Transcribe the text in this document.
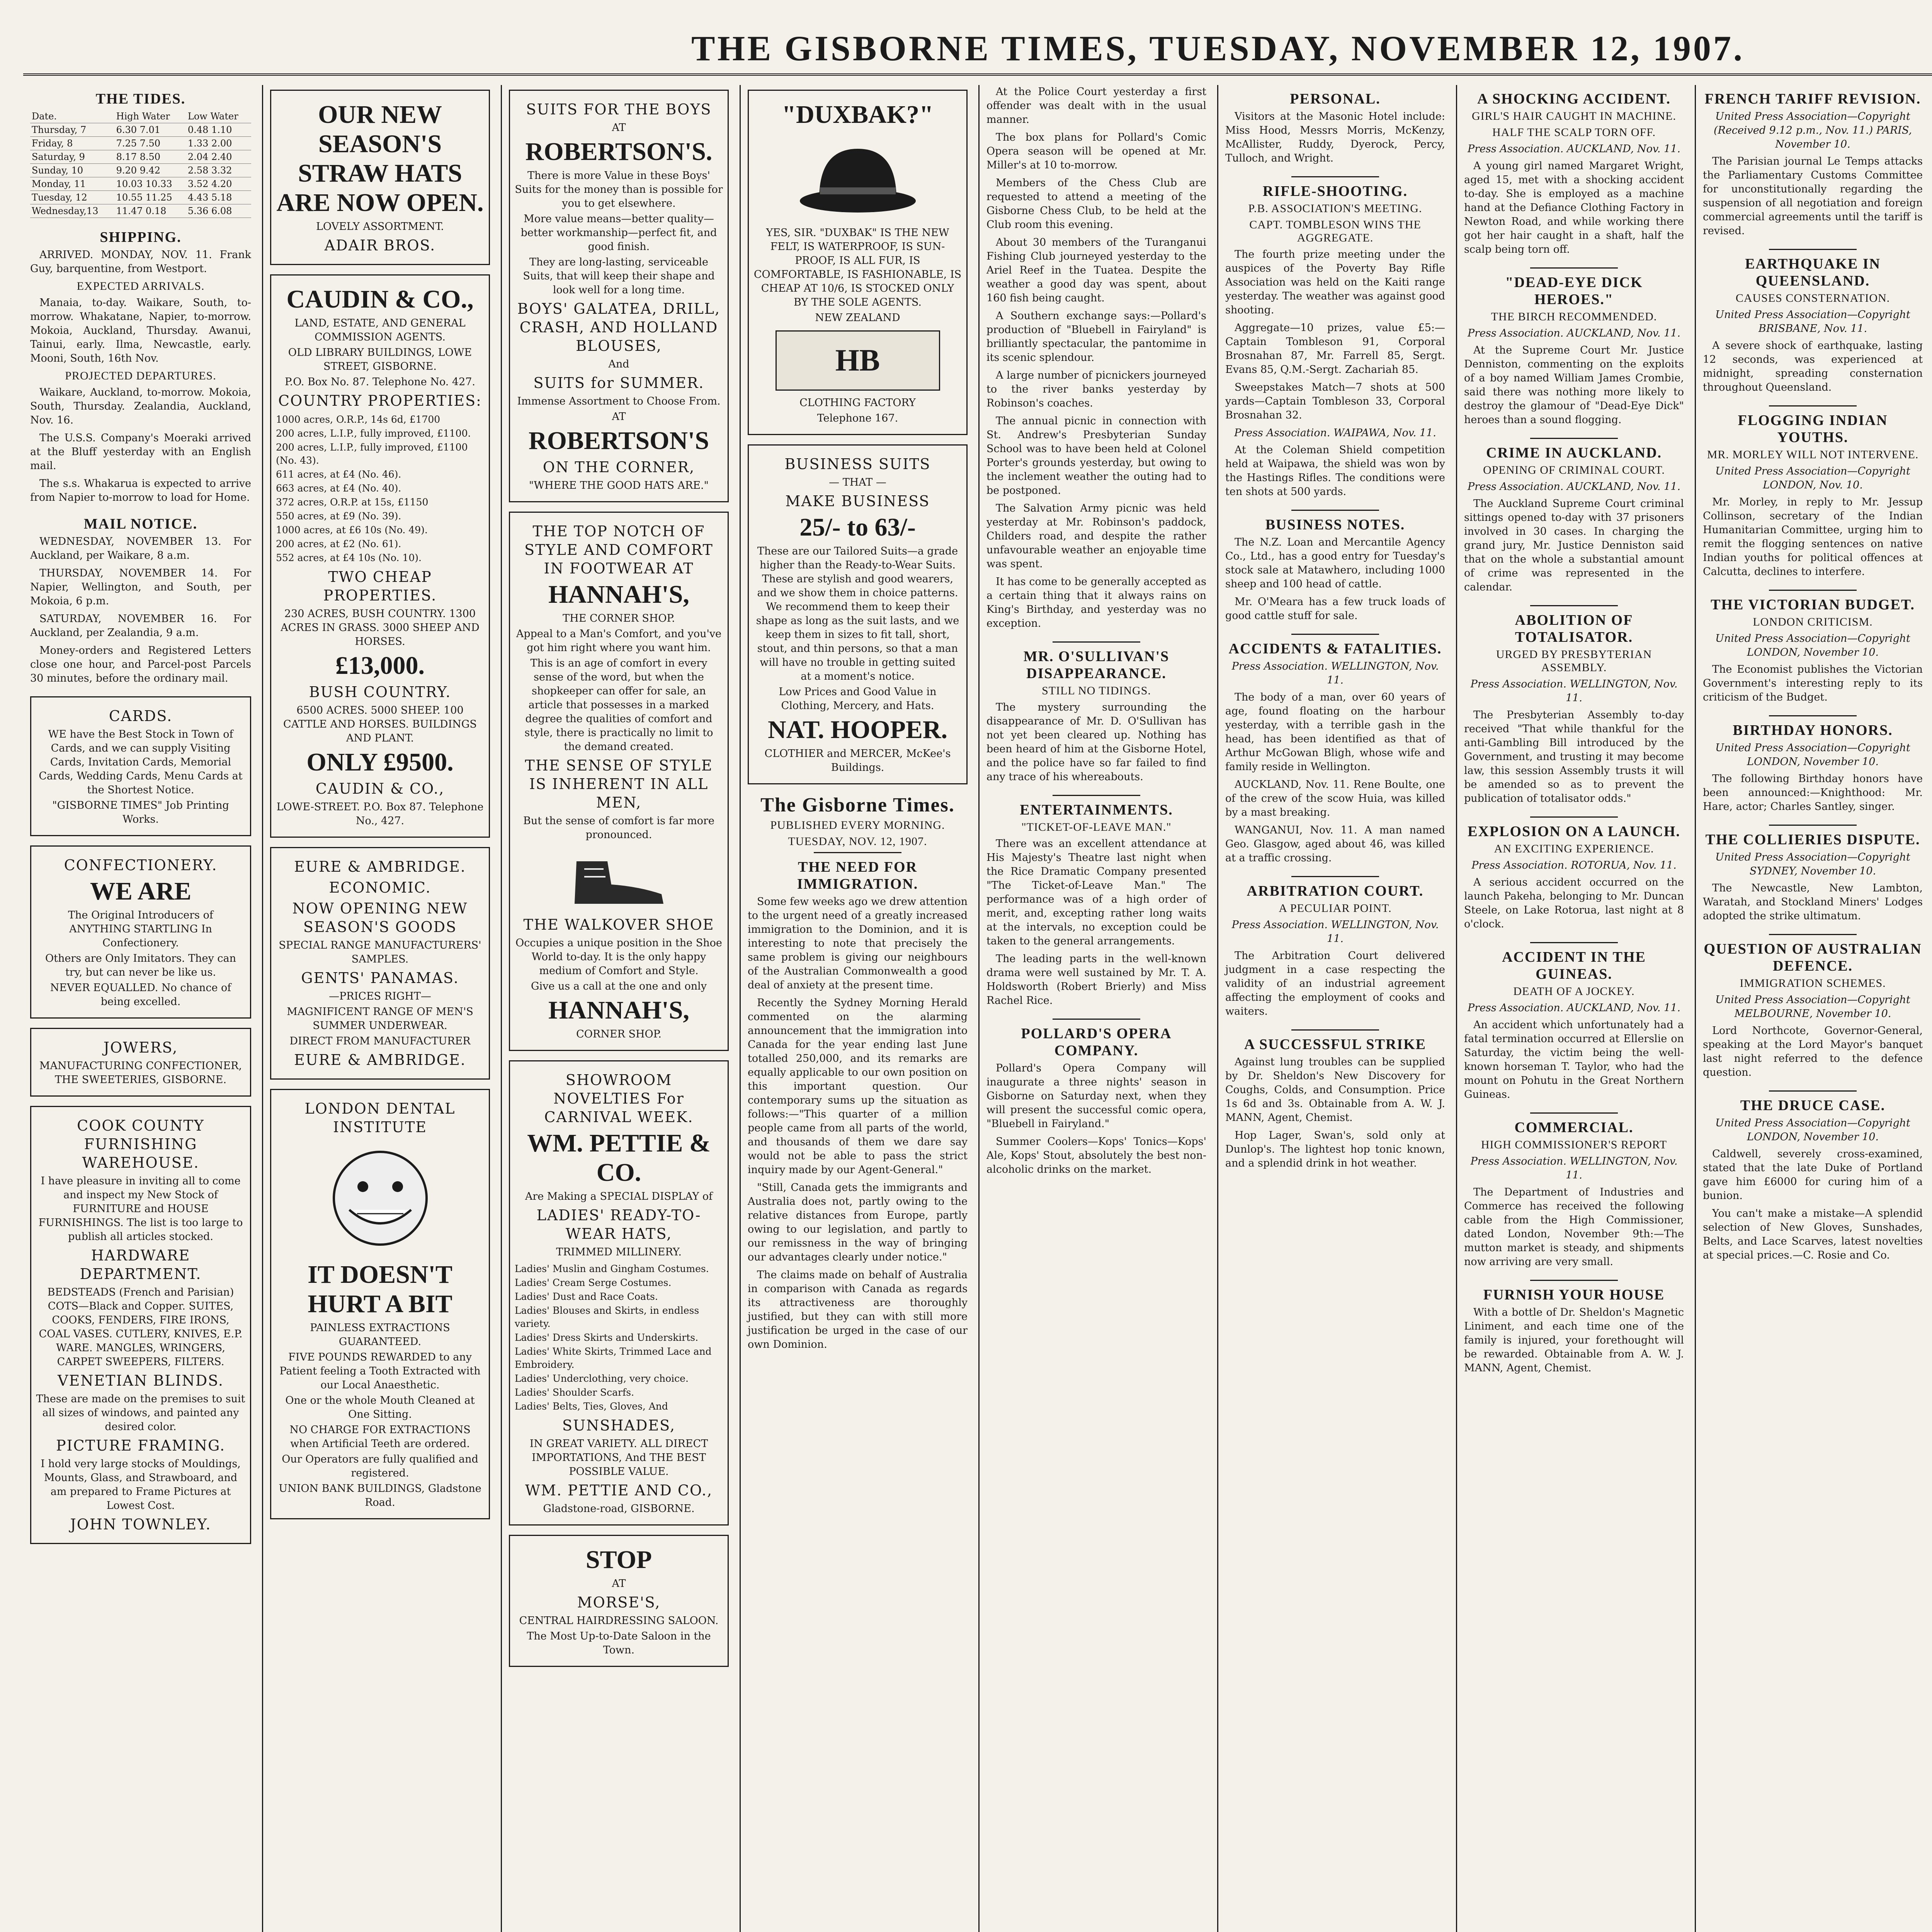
THE GISBORNE TIMES, TUESDAY, NOVEMBER 12, 1907.
THE TIDES.
Date.	High Water	Low Water
Thursday, 7	6.30 7.01	0.48 1.10
Friday, 8	7.25 7.50	1.33 2.00
Saturday, 9	8.17 8.50	2.04 2.40
Sunday, 10	9.20 9.42	2.58 3.32
Monday, 11	10.03 10.33	3.52 4.20
Tuesday, 12	10.55 11.25	4.43 5.18
Wednesday,13	11.47 0.18	5.36 6.08
SHIPPING.

ARRIVED. MONDAY, NOV. 11. Frank Guy, barquentine, from Westport.

EXPECTED ARRIVALS.

Manaia, to-day. Waikare, South, to-morrow. Whakatane, Napier, to-morrow. Mokoia, Auckland, Thursday. Awanui, Tainui, early. Ilma, Newcastle, early. Mooni, South, 16th Nov.

PROJECTED DEPARTURES.

Waikare, Auckland, to-morrow. Mokoia, South, Thursday. Zealandia, Auckland, Nov. 16.

The U.S.S. Company's Moeraki arrived at the Bluff yesterday with an English mail.

The s.s. Whakarua is expected to arrive from Napier to-morrow to load for Home.

MAIL NOTICE.

WEDNESDAY, NOVEMBER 13. For Auckland, per Waikare, 8 a.m.

THURSDAY, NOVEMBER 14. For Napier, Wellington, and South, per Mokoia, 6 p.m.

SATURDAY, NOVEMBER 16. For Auckland, per Zealandia, 9 a.m.

Money-orders and Registered Letters close one hour, and Parcel-post Parcels 30 minutes, before the ordinary mail.

CARDS.
WE have the Best Stock in Town of Cards, and we can supply Visiting Cards, Invitation Cards, Memorial Cards, Wedding Cards, Menu Cards at the Shortest Notice.
"GISBORNE TIMES" Job Printing Works.
CONFECTIONERY.
WE ARE
The Original Introducers of ANYTHING STARTLING In Confectionery.
Others are Only Imitators. They can try, but can never be like us.
NEVER EQUALLED. No chance of being excelled.
JOWERS,
MANUFACTURING CONFECTIONER, THE SWEETERIES, GISBORNE.
COOK COUNTY FURNISHING WAREHOUSE.
I have pleasure in inviting all to come and inspect my New Stock of FURNITURE and HOUSE FURNISHINGS. The list is too large to publish all articles stocked.
HARDWARE DEPARTMENT.
BEDSTEADS (French and Parisian) COTS—Black and Copper. SUITES, COOKS, FENDERS, FIRE IRONS, COAL VASES. CUTLERY, KNIVES, E.P. WARE. MANGLES, WRINGERS, CARPET SWEEPERS, FILTERS.
VENETIAN BLINDS.
These are made on the premises to suit all sizes of windows, and painted any desired color.
PICTURE FRAMING.
I hold very large stocks of Mouldings, Mounts, Glass, and Strawboard, and am prepared to Frame Pictures at Lowest Cost.
JOHN TOWNLEY.
OUR NEW SEASON'S STRAW HATS ARE NOW OPEN.
LOVELY ASSORTMENT.
ADAIR BROS.
CAUDIN & CO.,
LAND, ESTATE, AND GENERAL COMMISSION AGENTS.
OLD LIBRARY BUILDINGS, LOWE STREET, GISBORNE.
P.O. Box No. 87. Telephone No. 427.
COUNTRY PROPERTIES:
1000 acres, O.R.P., 14s 6d, £1700
200 acres, L.I.P., fully improved, £1100.
200 acres, L.I.P., fully improved, £1100 (No. 43).
611 acres, at £4 (No. 46).
663 acres, at £4 (No. 40).
372 acres, O.R.P. at 15s, £1150
550 acres, at £9 (No. 39).
1000 acres, at £6 10s (No. 49).
200 acres, at £2 (No. 61).
552 acres, at £4 10s (No. 10).
TWO CHEAP PROPERTIES.
230 ACRES, BUSH COUNTRY. 1300 ACRES IN GRASS. 3000 SHEEP AND HORSES.
£13,000.
BUSH COUNTRY.
6500 ACRES. 5000 SHEEP. 100 CATTLE AND HORSES. BUILDINGS AND PLANT.
ONLY £9500.
CAUDIN & CO.,
LOWE-STREET. P.O. Box 87. Telephone No., 427.
EURE & AMBRIDGE.
ECONOMIC.
NOW OPENING NEW SEASON'S GOODS
SPECIAL RANGE MANUFACTURERS' SAMPLES.
GENTS' PANAMAS.
—PRICES RIGHT—
MAGNIFICENT RANGE OF MEN'S SUMMER UNDERWEAR.
DIRECT FROM MANUFACTURER
EURE & AMBRIDGE.
LONDON DENTAL INSTITUTE
IT DOESN'T HURT A BIT
PAINLESS EXTRACTIONS GUARANTEED.
FIVE POUNDS REWARDED to any Patient feeling a Tooth Extracted with our Local Anaesthetic.
One or the whole Mouth Cleaned at One Sitting.
NO CHARGE FOR EXTRACTIONS when Artificial Teeth are ordered.
Our Operators are fully qualified and registered.
UNION BANK BUILDINGS, Gladstone Road.
SUITS FOR THE BOYS
AT
ROBERTSON'S.
There is more Value in these Boys' Suits for the money than is possible for you to get elsewhere.
More value means—better quality—better workmanship—perfect fit, and good finish.
They are long-lasting, serviceable Suits, that will keep their shape and look well for a long time.
BOYS' GALATEA, DRILL, CRASH, AND HOLLAND BLOUSES,
And
SUITS for SUMMER.
Immense Assortment to Choose From.
AT
ROBERTSON'S
ON THE CORNER,
"WHERE THE GOOD HATS ARE."
THE TOP NOTCH OF STYLE AND COMFORT IN FOOTWEAR AT
HANNAH'S,
THE CORNER SHOP.
Appeal to a Man's Comfort, and you've got him right where you want him.
This is an age of comfort in every sense of the word, but when the shopkeeper can offer for sale, an article that possesses in a marked degree the qualities of comfort and style, there is practically no limit to the demand created.
THE SENSE OF STYLE IS INHERENT IN ALL MEN,
But the sense of comfort is far more pronounced.
THE WALKOVER SHOE
Occupies a unique position in the Shoe World to-day. It is the only happy medium of Comfort and Style.
Give us a call at the one and only
HANNAH'S,
CORNER SHOP.
SHOWROOM NOVELTIES For CARNIVAL WEEK.
WM. PETTIE & CO.
Are Making a SPECIAL DISPLAY of
LADIES' READY-TO-WEAR HATS,
TRIMMED MILLINERY.
Ladies' Muslin and Gingham Costumes.
Ladies' Cream Serge Costumes.
Ladies' Dust and Race Coats.
Ladies' Blouses and Skirts, in endless variety.
Ladies' Dress Skirts and Underskirts.
Ladies' White Skirts, Trimmed Lace and Embroidery.
Ladies' Underclothing, very choice.
Ladies' Shoulder Scarfs.
Ladies' Belts, Ties, Gloves, And
SUNSHADES,
IN GREAT VARIETY. ALL DIRECT IMPORTATIONS, And THE BEST POSSIBLE VALUE.
WM. PETTIE AND CO.,
Gladstone-road, GISBORNE.
STOP
AT
MORSE'S,
CENTRAL HAIRDRESSING SALOON.
The Most Up-to-Date Saloon in the Town.
"DUXBAK?"
YES, SIR. "DUXBAK" IS THE NEW FELT, IS WATERPROOF, IS SUN-PROOF, IS ALL FUR, IS COMFORTABLE, IS FASHIONABLE, IS CHEAP AT 10/6, IS STOCKED ONLY BY THE SOLE AGENTS.
NEW ZEALAND
HB
CLOTHING FACTORY
Telephone 167.
BUSINESS SUITS
— THAT —
MAKE BUSINESS
25/- to 63/-
These are our Tailored Suits—a grade higher than the Ready-to-Wear Suits. These are stylish and good wearers, and we show them in choice patterns. We recommend them to keep their shape as long as the suit lasts, and we keep them in sizes to fit tall, short, stout, and thin persons, so that a man will have no trouble in getting suited at a moment's notice.
Low Prices and Good Value in Clothing, Mercery, and Hats.
NAT. HOOPER.
CLOTHIER and MERCER, McKee's Buildings.
The Gisborne Times.
PUBLISHED EVERY MORNING.
TUESDAY, NOV. 12, 1907.
THE NEED FOR IMMIGRATION.

Some few weeks ago we drew attention to the urgent need of a greatly increased immigration to the Dominion, and it is interesting to note that precisely the same problem is giving our neighbours of the Australian Commonwealth a good deal of anxiety at the present time.

Recently the Sydney Morning Herald commented on the alarming announcement that the immigration into Canada for the year ending last June totalled 250,000, and its remarks are equally applicable to our own position on this important question. Our contemporary sums up the situation as follows:—"This quarter of a million people came from all parts of the world, and thousands of them we dare say would not be able to pass the strict inquiry made by our Agent-General."

"Still, Canada gets the immigrants and Australia does not, partly owing to the relative distances from Europe, partly owing to our legislation, and partly to our remissness in the way of bringing our advantages clearly under notice."

The claims made on behalf of Australia in comparison with Canada as regards its attractiveness are thoroughly justified, but they can with still more justification be urged in the case of our own Dominion.

At the Police Court yesterday a first offender was dealt with in the usual manner.

The box plans for Pollard's Comic Opera season will be opened at Mr. Miller's at 10 to-morrow.

Members of the Chess Club are requested to attend a meeting of the Gisborne Chess Club, to be held at the Club room this evening.

About 30 members of the Turanganui Fishing Club journeyed yesterday to the Ariel Reef in the Tuatea. Despite the weather a good day was spent, about 160 fish being caught.

A Southern exchange says:—Pollard's production of "Bluebell in Fairyland" is brilliantly spectacular, the pantomime in its scenic splendour.

A large number of picnickers journeyed to the river banks yesterday by Robinson's coaches.

The annual picnic in connection with St. Andrew's Presbyterian Sunday School was to have been held at Colonel Porter's grounds yesterday, but owing to the inclement weather the outing had to be postponed.

The Salvation Army picnic was held yesterday at Mr. Robinson's paddock, Childers road, and despite the rather unfavourable weather an enjoyable time was spent.

It has come to be generally accepted as a certain thing that it always rains on King's Birthday, and yesterday was no exception.

MR. O'SULLIVAN'S DISAPPEARANCE.
STILL NO TIDINGS.

The mystery surrounding the disappearance of Mr. D. O'Sullivan has not yet been cleared up. Nothing has been heard of him at the Gisborne Hotel, and the police have so far failed to find any trace of his whereabouts.

ENTERTAINMENTS.
"TICKET-OF-LEAVE MAN."

There was an excellent attendance at His Majesty's Theatre last night when the Rice Dramatic Company presented "The Ticket-of-Leave Man." The performance was of a high order of merit, and, excepting rather long waits at the intervals, no exception could be taken to the general arrangements.

The leading parts in the well-known drama were well sustained by Mr. T. A. Holdsworth (Robert Brierly) and Miss Rachel Rice.

POLLARD'S OPERA COMPANY.

Pollard's Opera Company will inaugurate a three nights' season in Gisborne on Saturday next, when they will present the successful comic opera, "Bluebell in Fairyland."

Summer Coolers—Kops' Tonics—Kops' Ale, Kops' Stout, absolutely the best non-alcoholic drinks on the market.

PERSONAL.

Visitors at the Masonic Hotel include: Miss Hood, Messrs Morris, McKenzy, McAllister, Ruddy, Dyerock, Percy, Tulloch, and Wright.

RIFLE-SHOOTING.
P.B. ASSOCIATION'S MEETING.
CAPT. TOMBLESON WINS THE AGGREGATE.

The fourth prize meeting under the auspices of the Poverty Bay Rifle Association was held on the Kaiti range yesterday. The weather was against good shooting.

Aggregate—10 prizes, value £5:—Captain Tombleson 91, Corporal Brosnahan 87, Mr. Farrell 85, Sergt. Evans 85, Q.M.-Sergt. Zachariah 85.

Sweepstakes Match—7 shots at 500 yards—Captain Tombleson 33, Corporal Brosnahan 32.

Press Association. WAIPAWA, Nov. 11.

At the Coleman Shield competition held at Waipawa, the shield was won by the Hastings Rifles. The conditions were ten shots at 500 yards.

BUSINESS NOTES.

The N.Z. Loan and Mercantile Agency Co., Ltd., has a good entry for Tuesday's stock sale at Matawhero, including 1000 sheep and 100 head of cattle.

Mr. O'Meara has a few truck loads of good cattle stuff for sale.

ACCIDENTS & FATALITIES.

Press Association. WELLINGTON, Nov. 11.

The body of a man, over 60 years of age, found floating on the harbour yesterday, with a terrible gash in the head, has been identified as that of Arthur McGowan Bligh, whose wife and family reside in Wellington.

AUCKLAND, Nov. 11. Rene Boulte, one of the crew of the scow Huia, was killed by a mast breaking.

WANGANUI, Nov. 11. A man named Geo. Glasgow, aged about 46, was killed at a traffic crossing.

ARBITRATION COURT.
A PECULIAR POINT.

Press Association. WELLINGTON, Nov. 11.

The Arbitration Court delivered judgment in a case respecting the validity of an industrial agreement affecting the employment of cooks and waiters.

A SUCCESSFUL STRIKE

Against lung troubles can be supplied by Dr. Sheldon's New Discovery for Coughs, Colds, and Consumption. Price 1s 6d and 3s. Obtainable from A. W. J. MANN, Agent, Chemist.

Hop Lager, Swan's, sold only at Dunlop's. The lightest hop tonic known, and a splendid drink in hot weather.

A SHOCKING ACCIDENT.
GIRL'S HAIR CAUGHT IN MACHINE.
HALF THE SCALP TORN OFF.

Press Association. AUCKLAND, Nov. 11.

A young girl named Margaret Wright, aged 15, met with a shocking accident to-day. She is employed as a machine hand at the Defiance Clothing Factory in Newton Road, and while working there got her hair caught in a shaft, half the scalp being torn off.

"DEAD-EYE DICK HEROES."
THE BIRCH RECOMMENDED.

Press Association. AUCKLAND, Nov. 11.

At the Supreme Court Mr. Justice Denniston, commenting on the exploits of a boy named William James Crombie, said there was nothing more likely to destroy the glamour of "Dead-Eye Dick" heroes than a sound flogging.

CRIME IN AUCKLAND.
OPENING OF CRIMINAL COURT.

Press Association. AUCKLAND, Nov. 11.

The Auckland Supreme Court criminal sittings opened to-day with 37 prisoners involved in 30 cases. In charging the grand jury, Mr. Justice Denniston said that on the whole a substantial amount of crime was represented in the calendar.

ABOLITION OF TOTALISATOR.
URGED BY PRESBYTERIAN ASSEMBLY.

Press Association. WELLINGTON, Nov. 11.

The Presbyterian Assembly to-day received "That while thankful for the anti-Gambling Bill introduced by the Government, and trusting it may become law, this session Assembly trusts it will be amended so as to prevent the publication of totalisator odds."

EXPLOSION ON A LAUNCH.
AN EXCITING EXPERIENCE.

Press Association. ROTORUA, Nov. 11.

A serious accident occurred on the launch Pakeha, belonging to Mr. Duncan Steele, on Lake Rotorua, last night at 8 o'clock.

ACCIDENT IN THE GUINEAS.
DEATH OF A JOCKEY.

Press Association. AUCKLAND, Nov. 11.

An accident which unfortunately had a fatal termination occurred at Ellerslie on Saturday, the victim being the well-known horseman T. Taylor, who had the mount on Pohutu in the Great Northern Guineas.

COMMERCIAL.
HIGH COMMISSIONER'S REPORT

Press Association. WELLINGTON, Nov. 11.

The Department of Industries and Commerce has received the following cable from the High Commissioner, dated London, November 9th:—The mutton market is steady, and shipments now arriving are very small.

FURNISH YOUR HOUSE

With a bottle of Dr. Sheldon's Magnetic Liniment, and each time one of the family is injured, your forethought will be rewarded. Obtainable from A. W. J. MANN, Agent, Chemist.

FRENCH TARIFF REVISION.

United Press Association—Copyright (Received 9.12 p.m., Nov. 11.) PARIS, November 10.

The Parisian journal Le Temps attacks the Parliamentary Customs Committee for unconstitutionally regarding the suspension of all negotiation and foreign commercial agreements until the tariff is revised.

EARTHQUAKE IN QUEENSLAND.
CAUSES CONSTERNATION.

United Press Association—Copyright BRISBANE, Nov. 11.

A severe shock of earthquake, lasting 12 seconds, was experienced at midnight, spreading consternation throughout Queensland.

FLOGGING INDIAN YOUTHS.
MR. MORLEY WILL NOT INTERVENE.

United Press Association—Copyright LONDON, Nov. 10.

Mr. Morley, in reply to Mr. Jessup Collinson, secretary of the Indian Humanitarian Committee, urging him to remit the flogging sentences on native Indian youths for political offences at Calcutta, declines to interfere.

THE VICTORIAN BUDGET.
LONDON CRITICISM.

United Press Association—Copyright LONDON, November 10.

The Economist publishes the Victorian Government's interesting reply to its criticism of the Budget.

BIRTHDAY HONORS.

United Press Association—Copyright LONDON, November 10.

The following Birthday honors have been announced:—Knighthood: Mr. Hare, actor; Charles Santley, singer.

THE COLLIERIES DISPUTE.

United Press Association—Copyright SYDNEY, November 10.

The Newcastle, New Lambton, Waratah, and Stockland Miners' Lodges adopted the strike ultimatum.

QUESTION OF AUSTRALIAN DEFENCE.
IMMIGRATION SCHEMES.

United Press Association—Copyright MELBOURNE, November 10.

Lord Northcote, Governor-General, speaking at the Lord Mayor's banquet last night referred to the defence question.

THE DRUCE CASE.

United Press Association—Copyright LONDON, November 10.

Caldwell, severely cross-examined, stated that the late Duke of Portland gave him £6000 for curing him of a bunion.

You can't make a mistake—A splendid selection of New Gloves, Sunshades, Belts, and Lace Scarves, latest novelties at special prices.—C. Rosie and Co.
